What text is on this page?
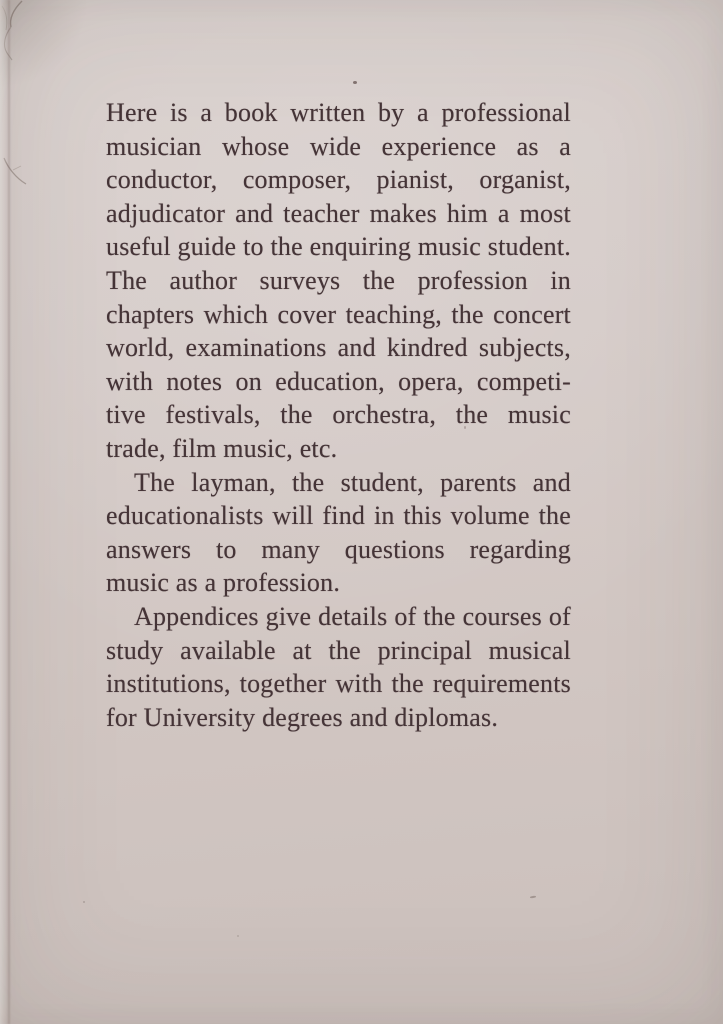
Here is a book written by a professional
musician whose wide experience as a
conductor, composer, pianist, organist,
adjudicator and teacher makes him a most
useful guide to the enquiring music student.
The author surveys the profession in
chapters which cover teaching, the concert
world, examinations and kindred subjects,
with notes on education, opera, competi-
tive festivals, the orchestra, the music
trade, film music, etc.
The layman, the student, parents and
educationalists will find in this volume the
answers to many questions regarding
music as a profession.
Appendices give details of the courses of
study available at the principal musical
institutions, together with the requirements
for University degrees and diplomas.
